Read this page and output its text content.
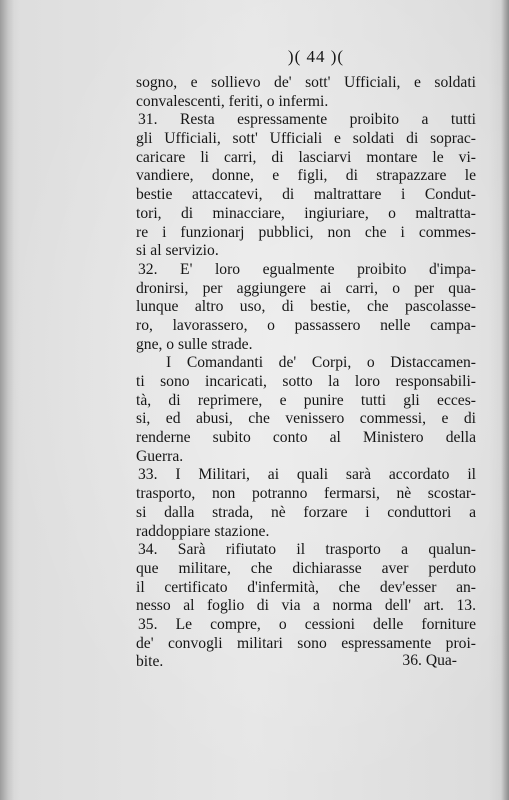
)( 44 )(
sogno, e sollievo de' sott' Ufficiali, e soldati
convalescenti, feriti, o infermi.
31. Resta espressamente proibito a tutti
gli Ufficiali, sott' Ufficiali e soldati di soprac-
caricare li carri, di lasciarvi montare le vi-
vandiere, donne, e figli, di strapazzare le
bestie attaccatevi, di maltrattare i Condut-
tori, di minacciare, ingiuriare, o maltratta-
re i funzionarj pubblici, non che i commes-
si al servizio.
32. E' loro egualmente proibito d'impa-
dronirsi, per aggiungere ai carri, o per qua-
lunque altro uso, di bestie, che pascolasse-
ro, lavorassero, o passassero nelle campa-
gne, o sulle strade.
I Comandanti de' Corpi, o Distaccamen-
ti sono incaricati, sotto la loro responsabili-
tà, di reprimere, e punire tutti gli ecces-
si, ed abusi, che venissero commessi, e di
renderne subito conto al Ministero della
Guerra.
33. I Militari, ai quali sarà accordato il
trasporto, non potranno fermarsi, nè scostar-
si dalla strada, nè forzare i conduttori a
raddoppiare stazione.
34. Sarà rifiutato il trasporto a qualun-
que militare, che dichiarasse aver perduto
il certificato d'infermità, che dev'esser an-
nesso al foglio di via a norma dell' art. 13.
35. Le compre, o cessioni delle forniture
de' convogli militari sono espressamente proi-
bite.	36. Qua-
